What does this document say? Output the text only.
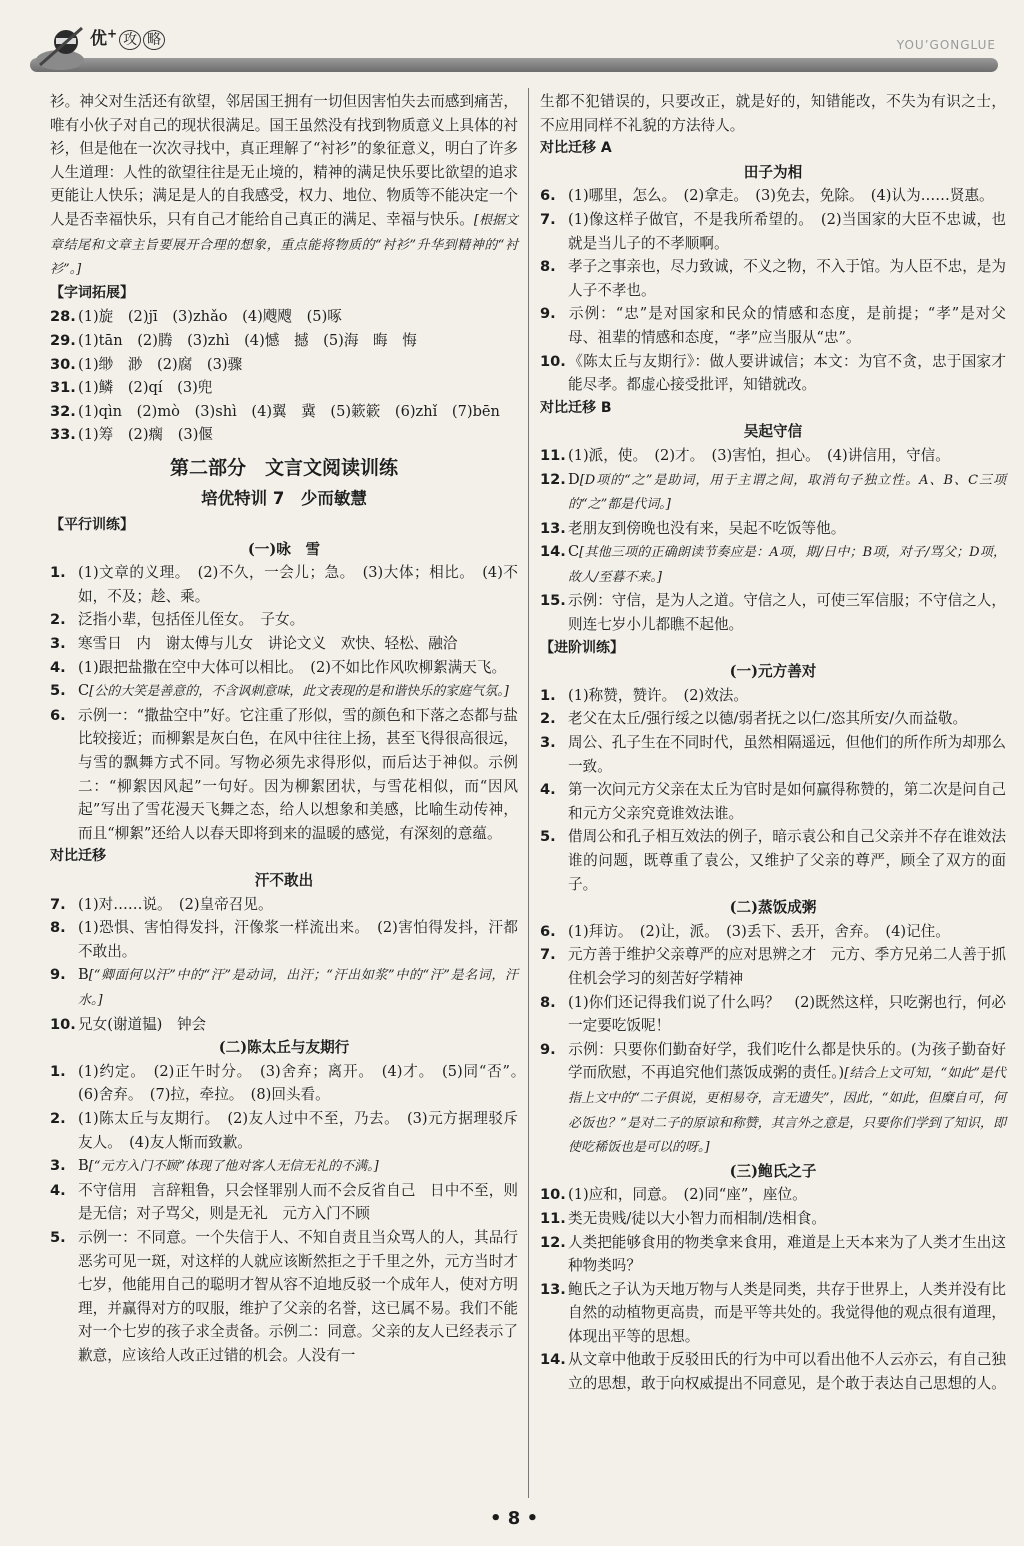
优+ 攻 略	YOU’GONGLUE

衫。神父对生活还有欲望，邻居国王拥有一切但因害怕失去而感到痛苦，唯有小伙子对自己的现状很满足。国王虽然没有找到物质意义上具体的衬衫，但是他在一次次寻找中，真正理解了“衬衫”的象征意义，明白了许多人生道理：人性的欲望往往是无止境的，精神的满足快乐要比欲望的追求更能让人快乐；满足是人的自我感受，权力、地位、物质等不能决定一个人是否幸福快乐，只有自己才能给自己真正的满足、幸福与快乐。[根据文章结尾和文章主旨要展开合理的想象，重点能将物质的“衬衫”升华到精神的“衬衫”。]

【字词拓展】

28. (1)旋　(2)jī　(3)zhǎo　(4)飕飕　(5)啄

29. (1)tān　(2)腾　(3)zhì　(4)憾　撼　(5)海　晦　悔

30. (1)缈　渺　(2)腐　(3)骤

31. (1)鳞　(2)qí　(3)兜

32. (1)qìn　(2)mò　(3)shì　(4)翼　冀　(5)簌簌　(6)zhǐ　(7)bēn

33. (1)筹　(2)瘸　(3)偃

第二部分　文言文阅读训练

培优特训 7　少而敏慧

【平行训练】

(一)咏　雪

1. (1)文章的义理。　(2)不久，一会儿；急。　(3)大体；相比。　(4)不如，不及；趁、乘。

2. 泛指小辈，包括侄儿侄女。　子女。

3. 寒雪日　内　谢太傅与儿女　讲论文义　欢快、轻松、融洽

4. (1)跟把盐撒在空中大体可以相比。　(2)不如比作风吹柳絮满天飞。

5. C[公的大笑是善意的，不含讽刺意味，此文表现的是和谐快乐的家庭气氛。]

6. 示例一：“撒盐空中”好。它注重了形似，雪的颜色和下落之态都与盐比较接近；而柳絮是灰白色，在风中往往上扬，甚至飞得很高很远，与雪的飘舞方式不同。写物必须先求得形似，而后达于神似。示例二：“柳絮因风起”一句好。因为柳絮团状，与雪花相似，而“因风起”写出了雪花漫天飞舞之态，给人以想象和美感，比喻生动传神，而且“柳絮”还给人以春天即将到来的温暖的感觉，有深刻的意蕴。

对比迁移

汗不敢出

7. (1)对……说。　(2)皇帝召见。

8. (1)恐惧、害怕得发抖，汗像浆一样流出来。　(2)害怕得发抖，汗都不敢出。

9. B[“卿面何以汗”中的“汗”是动词，出汗；“汗出如浆”中的“汗”是名词，汗水。]

10. 兄女(谢道韫)　钟会

(二)陈太丘与友期行

1. (1)约定。　(2)正午时分。　(3)舍弃；离开。　(4)才。　(5)同“否”。　(6)舍弃。　(7)拉，牵拉。　(8)回头看。

2. (1)陈太丘与友期行。　(2)友人过中不至，乃去。　(3)元方据理驳斥友人。　(4)友人惭而致歉。

3. B[“元方入门不顾”体现了他对客人无信无礼的不满。]

4. 不守信用　言辞粗鲁，只会怪罪别人而不会反省自己　日中不至，则是无信；对子骂父，则是无礼　元方入门不顾

5. 示例一：不同意。一个失信于人、不知自责且当众骂人的人，其品行恶劣可见一斑，对这样的人就应该断然拒之于千里之外，元方当时才七岁，他能用自己的聪明才智从容不迫地反驳一个成年人，使对方明理，并赢得对方的叹服，维护了父亲的名誉，这已属不易。我们不能对一个七岁的孩子求全责备。示例二：同意。父亲的友人已经表示了歉意，应该给人改正过错的机会。人没有一

生都不犯错误的，只要改正，就是好的，知错能改，不失为有识之士，不应用同样不礼貌的方法待人。

对比迁移 A

田子为相

6. (1)哪里，怎么。　(2)拿走。　(3)免去，免除。　(4)认为……贤惠。

7. (1)像这样子做官，不是我所希望的。　(2)当国家的大臣不忠诚，也就是当儿子的不孝顺啊。

8. 孝子之事亲也，尽力致诚，不义之物，不入于馆。为人臣不忠，是为人子不孝也。

9. 示例：“忠”是对国家和民众的情感和态度，是前提；“孝”是对父母、祖辈的情感和态度，“孝”应当服从“忠”。

10. 《陈太丘与友期行》：做人要讲诚信；本文：为官不贪，忠于国家才能尽孝。都虚心接受批评，知错就改。

对比迁移 B

吴起守信

11. (1)派，使。　(2)才。　(3)害怕，担心。　(4)讲信用，守信。

12. D[D项的“之”是助词，用于主谓之间，取消句子独立性。A、B、C三项的“之”都是代词。]

13. 老朋友到傍晚也没有来，吴起不吃饭等他。

14. C[其他三项的正确朗读节奏应是：A项，期/日中；B项，对子/骂父；D项，故人/至暮不来。]

15. 示例：守信，是为人之道。守信之人，可使三军信服；不守信之人，则连七岁小儿都瞧不起他。

【进阶训练】

(一)元方善对

1. (1)称赞，赞许。　(2)效法。

2. 老父在太丘/强行绥之以德/弱者抚之以仁/恣其所安/久而益敬。

3. 周公、孔子生在不同时代，虽然相隔遥远，但他们的所作所为却那么一致。

4. 第一次问元方父亲在太丘为官时是如何赢得称赞的，第二次是问自己和元方父亲究竟谁效法谁。

5. 借周公和孔子相互效法的例子，暗示袁公和自己父亲并不存在谁效法谁的问题，既尊重了袁公，又维护了父亲的尊严，顾全了双方的面子。

(二)蒸饭成粥

6. (1)拜访。　(2)让，派。　(3)丢下、丢开，舍弃。　(4)记住。

7. 元方善于维护父亲尊严的应对思辨之才　元方、季方兄弟二人善于抓住机会学习的刻苦好学精神

8. (1)你们还记得我们说了什么吗？　(2)既然这样，只吃粥也行，何必一定要吃饭呢！

9. 示例：只要你们勤奋好学，我们吃什么都是快乐的。(为孩子勤奋好学而欣慰，不再追究他们蒸饭成粥的责任。)[结合上文可知，“如此”是代指上文中的“二子俱说，更相易夺，言无遗失”，因此，“如此，但糜自可，何必饭也？”是对二子的原谅和称赞，其言外之意是，只要你们学到了知识，即使吃稀饭也是可以的呀。]

(三)鲍氏之子

10. (1)应和，同意。　(2)同“座”，座位。

11. 类无贵贱/徒以大小智力而相制/迭相食。

12. 人类把能够食用的物类拿来食用，难道是上天本来为了人类才生出这种物类吗？

13. 鲍氏之子认为天地万物与人类是同类，共存于世界上，人类并没有比自然的动植物更高贵，而是平等共处的。我觉得他的观点很有道理，体现出平等的思想。

14. 从文章中他敢于反驳田氏的行为中可以看出他不人云亦云，有自己独立的思想，敢于向权威提出不同意见，是个敢于表达自己思想的人。

• 8 •
